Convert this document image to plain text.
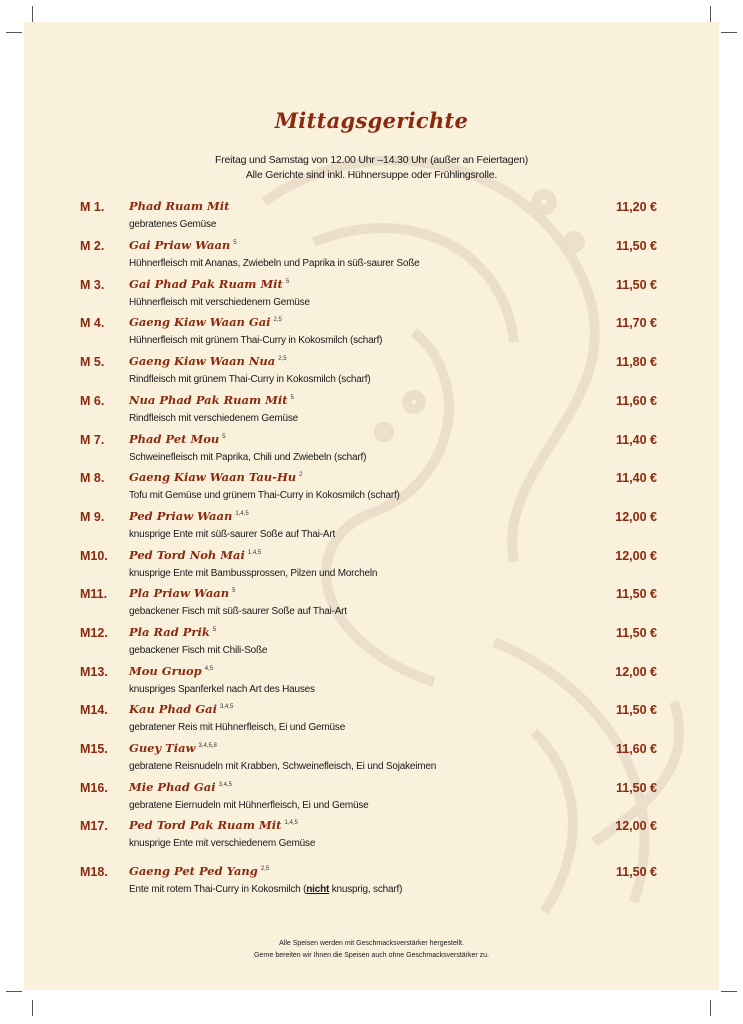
Mittagsgerichte
Freitag und Samstag von 12.00 Uhr –14.30 Uhr (außer an Feiertagen)
Alle Gerichte sind inkl. Hühnersuppe oder Frühlingsrolle.
M 1. Phad Ruam Mit	11,20 €
gebratenes Gemüse
M 2. Gai Priaw Waan $^5$	11,50 €
Hühnerfleisch mit Ananas, Zwiebeln und Paprika in süß-saurer Soße
M 3. Gai Phad Pak Ruam Mit $^5$	11,50 €
Hühnerfleisch mit verschiedenem Gemüse
M 4. Gaeng Kiaw Waan Gai $^{2,5}$	11,70 €
Hühnerfleisch mit grünem Thai-Curry in Kokosmilch (scharf)
M 5. Gaeng Kiaw Waan Nua $^{2,5}$	11,80 €
Rindfleisch mit grünem Thai-Curry in Kokosmilch (scharf)
M 6. Nua Phad Pak Ruam Mit $^5$	11,60 €
Rindfleisch mit verschiedenem Gemüse
M 7. Phad Pet Mou $^5$	11,40 €
Schweinefleisch mit Paprika, Chili und Zwiebeln (scharf)
M 8. Gaeng Kiaw Waan Tau-Hu $^2$	11,40 €
Tofu mit Gemüse und grünem Thai-Curry in Kokosmilch (scharf)
M 9. Ped Priaw Waan $^{1,4,5}$	12,00 €
knusprige Ente mit süß-saurer Soße auf Thai-Art
M10. Ped Tord Noh Mai $^{1,4,5}$	12,00 €
knusprige Ente mit Bambussprossen, Pilzen und Morcheln
M11. Pla Priaw Waan $^5$	11,50 €
gebackener Fisch mit süß-saurer Soße auf Thai-Art
M12. Pla Rad Prik $^5$	11,50 €
gebackener Fisch mit Chili-Soße
M13. Mou Gruop $^{4,5}$	12,00 €
knuspriges Spanferkel nach Art des Hauses
M14. Kau Phad Gai $^{3,4,5}$	11,50 €
gebratener Reis mit Hühnerfleisch, Ei und Gemüse
M15. Guey Tiaw $^{3,4,5,8}$	11,60 €
gebratene Reisnudeln mit Krabben, Schweinefleisch, Ei und Sojakeimen
M16. Mie Phad Gai $^{3,4,5}$	11,50 €
gebratene Eiernudeln mit Hühnerfleisch, Ei und Gemüse
M17. Ped Tord Pak Ruam Mit $^{1,4,5}$	12,00 €
knusprige Ente mit verschiedenem Gemüse
M18. Gaeng Pet Ped Yang $^{2,5}$	11,50 €
Ente mit rotem Thai-Curry in Kokosmilch (nicht knusprig, scharf)
Alle Speisen werden mit Geschmacksverstärker hergestellt.
Gerne bereiten wir Ihnen die Speisen auch ohne Geschmacksverstärker zu.
